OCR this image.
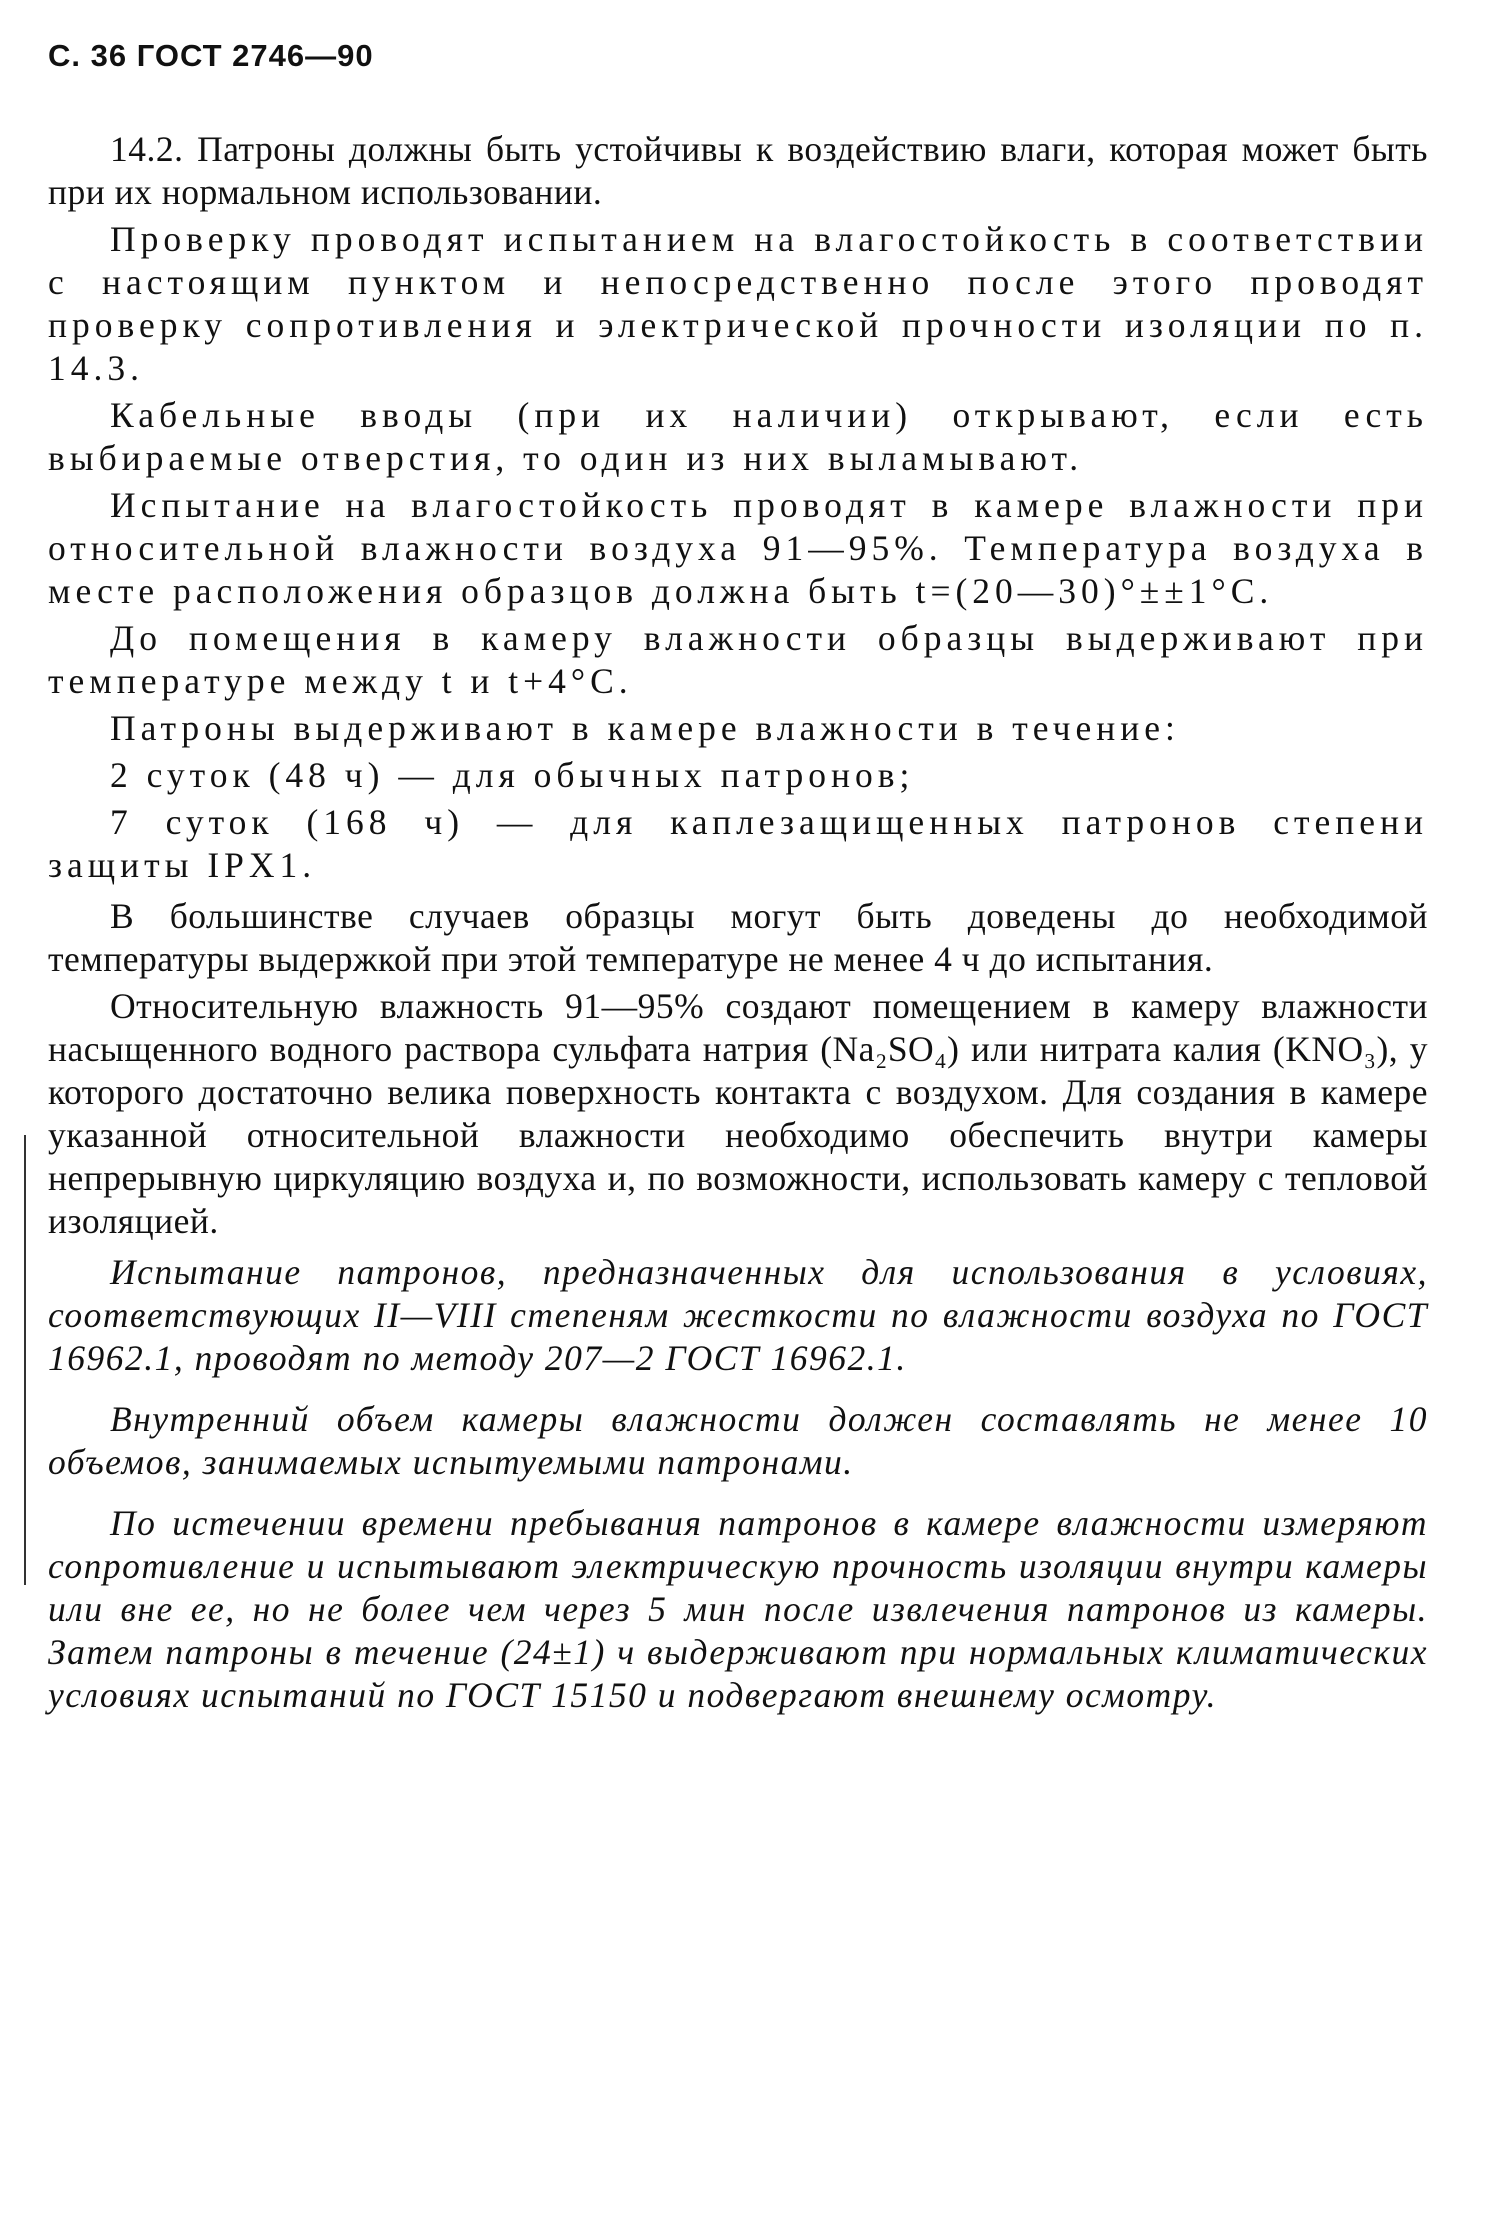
С. 36 ГОСТ 2746—90

14.2. Патроны должны быть устойчивы к воздействию влаги, которая может быть при их нормальном использовании.

Проверку проводят испытанием на влагостойкость в соответствии с настоящим пунктом и непосредственно после этого проводят проверку сопротивления и электрической прочности изоляции по п. 14.3.

Кабельные вводы (при их наличии) открывают, если есть выбираемые отверстия, то один из них выламывают.

Испытание на влагостойкость проводят в камере влажности при относительной влажности воздуха 91—95%. Температура воздуха в месте расположения образцов должна быть t=(20—30)°±±1°С.

До помещения в камеру влажности образцы выдерживают при температуре между t и t+4°С.

Патроны выдерживают в камере влажности в течение:

2 суток (48 ч) — для обычных патронов;

7 суток (168 ч) — для каплезащищенных патронов степени защиты IPX1.

В большинстве случаев образцы могут быть доведены до необходимой температуры выдержкой при этой температуре не менее 4 ч до испытания.

Относительную влажность 91—95% создают помещением в камеру влажности насыщенного водного раствора сульфата натрия (Na₂SO₄) или нитрата калия (KNO₃), у которого достаточно велика поверхность контакта с воздухом. Для создания в камере указанной относительной влажности необходимо обеспечить внутри камеры непрерывную циркуляцию воздуха и, по возможности, использовать камеру с тепловой изоляцией.

Испытание патронов, предназначенных для использования в условиях, соответствующих II—VIII степеням жесткости по влажности воздуха по ГОСТ 16962.1, проводят по методу 207—2 ГОСТ 16962.1.

Внутренний объем камеры влажности должен составлять не менее 10 объемов, занимаемых испытуемыми патронами.

По истечении времени пребывания патронов в камере влажности измеряют сопротивление и испытывают электрическую прочность изоляции внутри камеры или вне ее, но не более чем через 5 мин после извлечения патронов из камеры. Затем патроны в течение (24±1) ч выдерживают при нормальных климатических условиях испытаний по ГОСТ 15150 и подвергают внешнему осмотру.
